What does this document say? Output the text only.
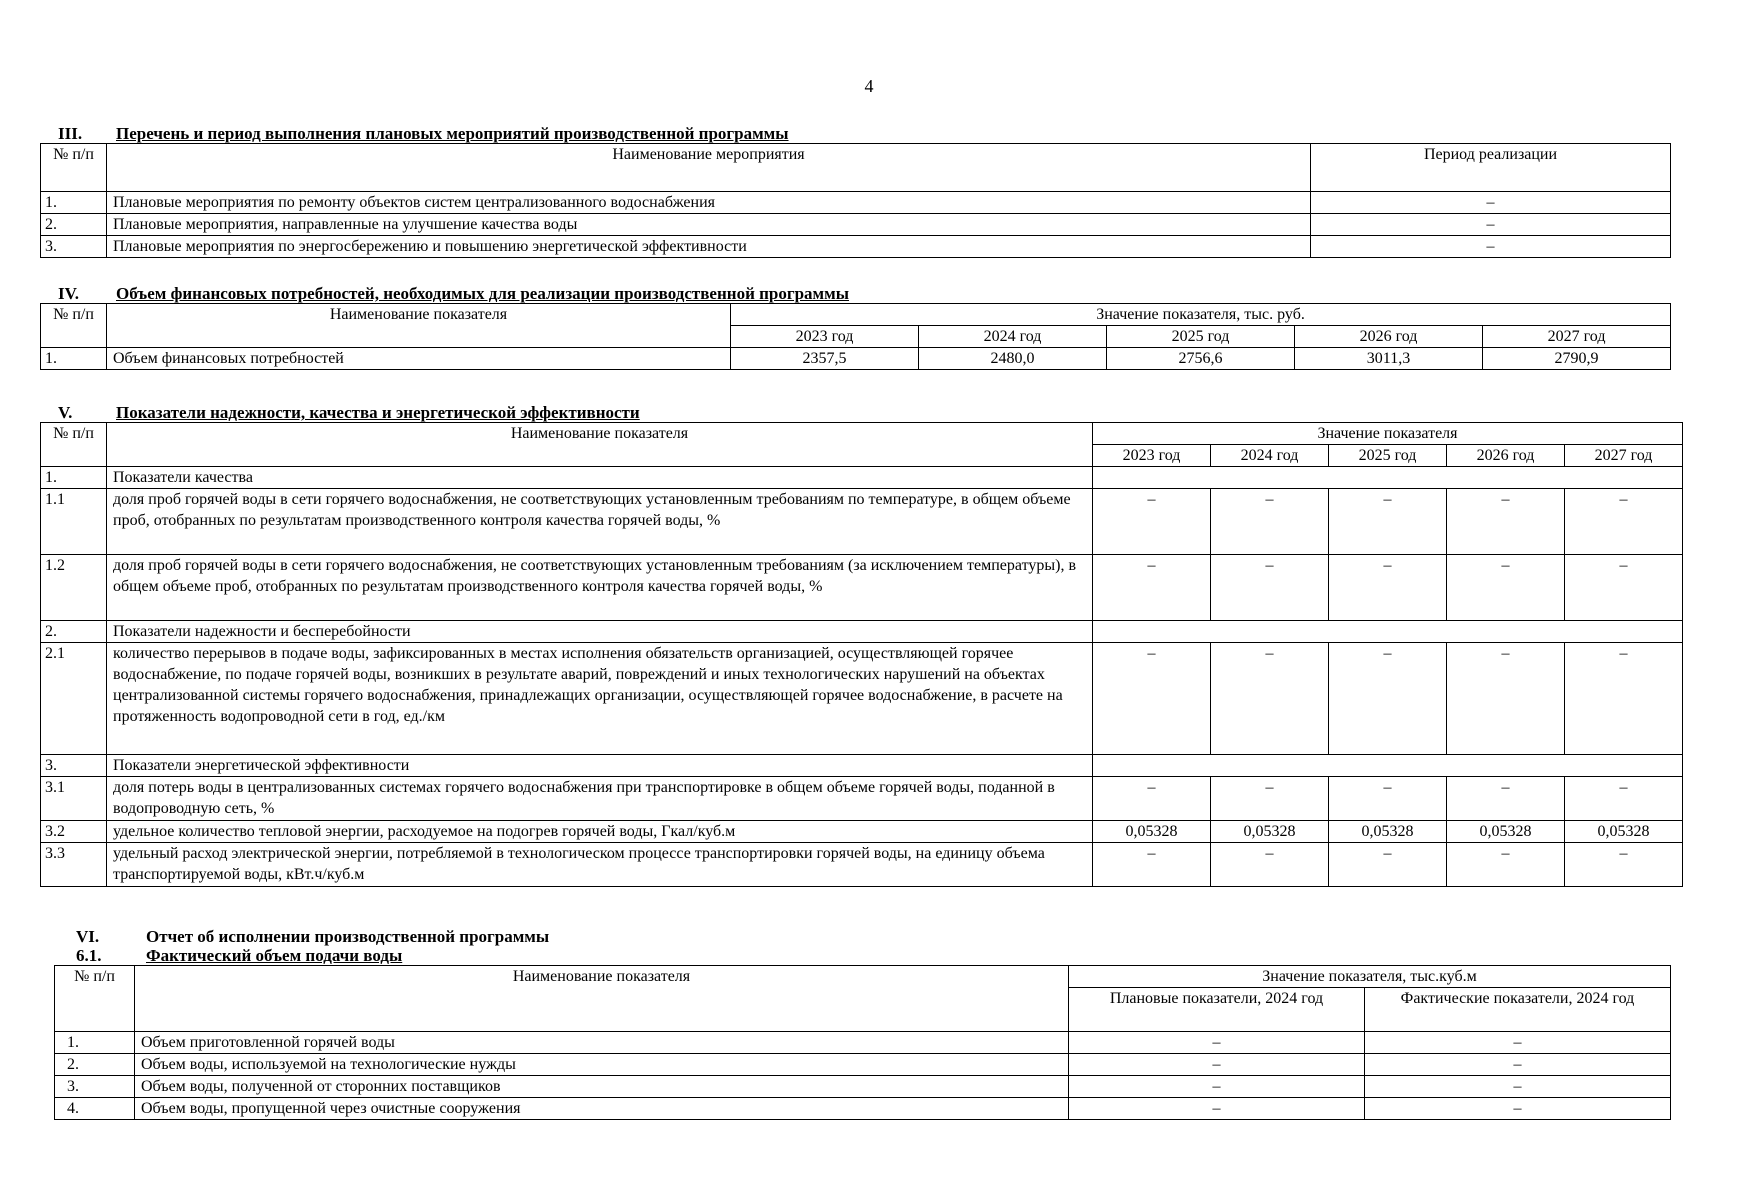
4
III. Перечень и период выполнения плановых мероприятий производственной программы
№ п/п	Наименование мероприятия	Период реализации
1.	Плановые мероприятия по ремонту объектов систем централизованного водоснабжения	–
2.	Плановые мероприятия, направленные на улучшение качества воды	–
3.	Плановые мероприятия по энергосбережению и повышению энергетической эффективности	–
IV. Объем финансовых потребностей, необходимых для реализации производственной программы
№ п/п	Наименование показателя	Значение показателя, тыс. руб.				
		2023 год	2024 год	2025 год	2026 год	2027 год
1.	Объем финансовых потребностей	2357,5	2480,0	2756,6	3011,3	2790,9
V.	Показатели надежности, качества и энергетической эффективности
№ п/п	Наименование показателя	Значение показателя				
		2023 год	2024 год	2025 год	2026 год	2027 год
1.	Показатели качества					
1.1	доля проб горячей воды в сети горячего водоснабжения, не соответствующих установленным требованиям по температуре, в общем объеме проб, отобранных по результатам производственного контроля качества горячей воды, %	–	–	–	–	–
1.2	доля проб горячей воды в сети горячего водоснабжения, не соответствующих установленным требованиям (за исключением температуры), в общем объеме проб, отобранных по результатам производственного контроля качества горячей воды, %	–	–	–	–	–
2.	Показатели надежности и бесперебойности					
2.1	количество перерывов в подаче воды, зафиксированных в местах исполнения обязательств организацией, осуществляющей горячее водоснабжение, по подаче горячей воды, возникших в результате аварий, повреждений и иных технологических нарушений на объектах централизованной системы горячего водоснабжения, принадлежащих организации, осуществляющей горячее водоснабжение, в расчете на протяженность водопроводной сети в год, ед./км	–	–	–	–	–
3.	Показатели энергетической эффективности					
3.1	доля потерь воды в централизованных системах горячего водоснабжения при транспортировке в общем объеме горячей воды, поданной в водопроводную сеть, %	–	–	–	–	–
3.2	удельное количество тепловой энергии, расходуемое на подогрев горячей воды, Гкал/куб.м	0,05328	0,05328	0,05328	0,05328	0,05328
3.3	удельный расход электрической энергии, потребляемой в технологическом процессе транспортировки горячей воды, на единицу объема транспортируемой воды, кВт.ч/куб.м	–	–	–	–	–
VI.	Отчет об исполнении производственной программы
6.1.	Фактический объем подачи воды
№ п/п	Наименование показателя	Значение показателя, тыс.куб.м	
		Плановые показатели, 2024 год	Фактические показатели, 2024 год
1.	Объем приготовленной горячей воды	–	–
2.	Объем воды, используемой на технологические нужды	–	–
3.	Объем воды, полученной от сторонних поставщиков	–	–
4.	Объем воды, пропущенной через очистные сооружения	–	–
